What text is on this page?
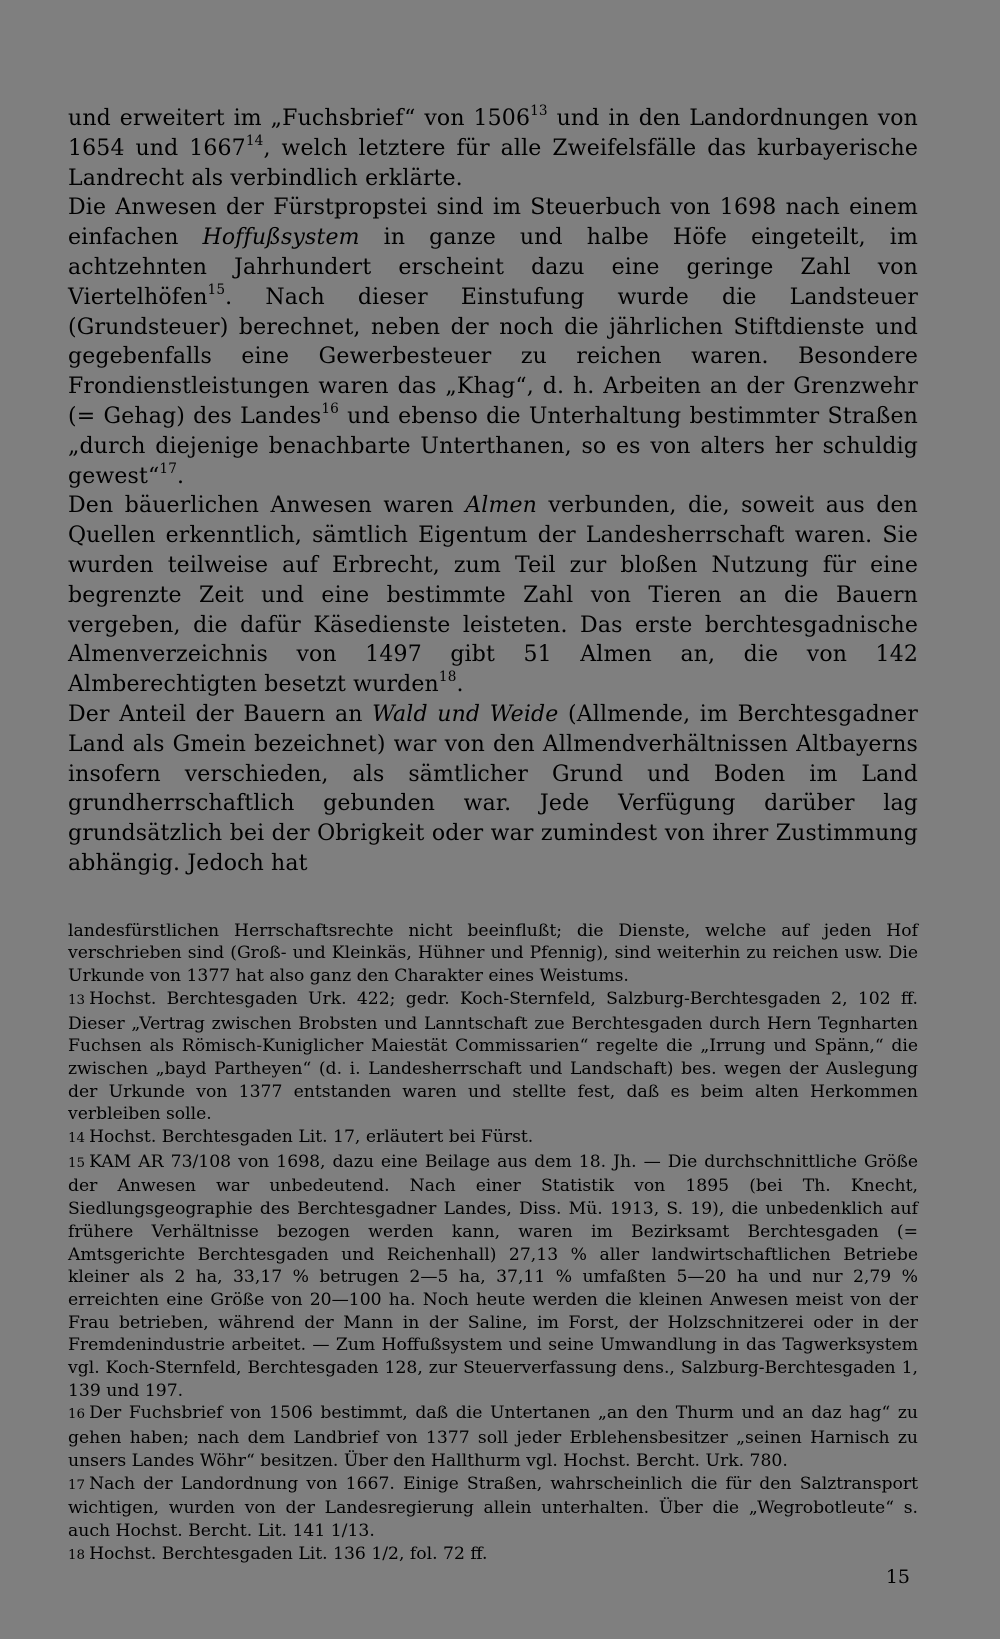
und erweitert im „Fuchsbrief“ von 1506$^{13}$ und in den Landordnungen von 1654 und 1667$^{14}$, welch letztere für alle Zweifelsfälle das kurbayerische Landrecht als verbindlich erklärte.

Die Anwesen der Fürstpropstei sind im Steuerbuch von 1698 nach einem einfachen Hoffußsystem in ganze und halbe Höfe eingeteilt, im achtzehnten Jahrhundert erscheint dazu eine geringe Zahl von Viertelhöfen$^{15}$. Nach dieser Einstufung wurde die Landsteuer (Grundsteuer) berechnet, neben der noch die jährlichen Stiftdienste und gegebenfalls eine Gewerbesteuer zu reichen waren. Besondere Frondienstleistungen waren das „Khag“, d. h. Arbeiten an der Grenzwehr (= Gehag) des Landes$^{16}$ und ebenso die Unterhaltung bestimmter Straßen „durch diejenige benachbarte Unterthanen, so es von alters her schuldig gewest“$^{17}$.

Den bäuerlichen Anwesen waren Almen verbunden, die, soweit aus den Quellen erkenntlich, sämtlich Eigentum der Landesherrschaft waren. Sie wurden teilweise auf Erbrecht, zum Teil zur bloßen Nutzung für eine begrenzte Zeit und eine bestimmte Zahl von Tieren an die Bauern vergeben, die dafür Käsedienste leisteten. Das erste berchtesgadnische Almenverzeichnis von 1497 gibt 51 Almen an, die von 142 Almberechtigten besetzt wurden$^{18}$.

Der Anteil der Bauern an Wald und Weide (Allmende, im Berchtesgadner Land als Gmein bezeichnet) war von den Allmendverhältnissen Altbayerns insofern verschieden, als sämtlicher Grund und Boden im Land grundherrschaftlich gebunden war. Jede Verfügung darüber lag grundsätzlich bei der Obrigkeit oder war zumindest von ihrer Zustimmung abhängig. Jedoch hat

landesfürstlichen Herrschaftsrechte nicht beeinflußt; die Dienste, welche auf jeden Hof verschrieben sind (Groß- und Kleinkäs, Hühner und Pfennig), sind weiterhin zu reichen usw. Die Urkunde von 1377 hat also ganz den Charakter eines Weistums.

13 Hochst. Berchtesgaden Urk. 422; gedr. Koch-Sternfeld, Salzburg-Berchtesgaden 2, 102 ff. Dieser „Vertrag zwischen Brobsten und Lanntschaft zue Berchtesgaden durch Hern Tegnharten Fuchsen als Römisch-Kuniglicher Maiestät Commissarien“ regelte die „Irrung und Spänn,“ die zwischen „bayd Partheyen“ (d. i. Landesherrschaft und Landschaft) bes. wegen der Auslegung der Urkunde von 1377 entstanden waren und stellte fest, daß es beim alten Herkommen verbleiben solle.

14 Hochst. Berchtesgaden Lit. 17, erläutert bei Fürst.

15 KAM AR 73/108 von 1698, dazu eine Beilage aus dem 18. Jh. — Die durchschnittliche Größe der Anwesen war unbedeutend. Nach einer Statistik von 1895 (bei Th. Knecht, Siedlungsgeographie des Berchtesgadner Landes, Diss. Mü. 1913, S. 19), die unbedenklich auf frühere Verhältnisse bezogen werden kann, waren im Bezirksamt Berchtesgaden (= Amtsgerichte Berchtesgaden und Reichenhall) 27,13 % aller landwirtschaftlichen Betriebe kleiner als 2 ha, 33,17 % betrugen 2—5 ha, 37,11 % umfaßten 5—20 ha und nur 2,79 % erreichten eine Größe von 20—100 ha. Noch heute werden die kleinen Anwesen meist von der Frau betrieben, während der Mann in der Saline, im Forst, der Holzschnitzerei oder in der Fremdenindustrie arbeitet. — Zum Hoffußsystem und seine Umwandlung in das Tagwerksystem vgl. Koch-Sternfeld, Berchtesgaden 128, zur Steuerverfassung dens., Salzburg-Berchtesgaden 1, 139 und 197.

16 Der Fuchsbrief von 1506 bestimmt, daß die Untertanen „an den Thurm und an daz hag“ zu gehen haben; nach dem Landbrief von 1377 soll jeder Erblehensbesitzer „seinen Harnisch zu unsers Landes Wöhr“ besitzen. Über den Hallthurm vgl. Hochst. Bercht. Urk. 780.

17 Nach der Landordnung von 1667. Einige Straßen, wahrscheinlich die für den Salztransport wichtigen, wurden von der Landesregierung allein unterhalten. Über die „Wegrobotleute“ s. auch Hochst. Bercht. Lit. 141 1/13.

18 Hochst. Berchtesgaden Lit. 136 1/2, fol. 72 ff.

15
